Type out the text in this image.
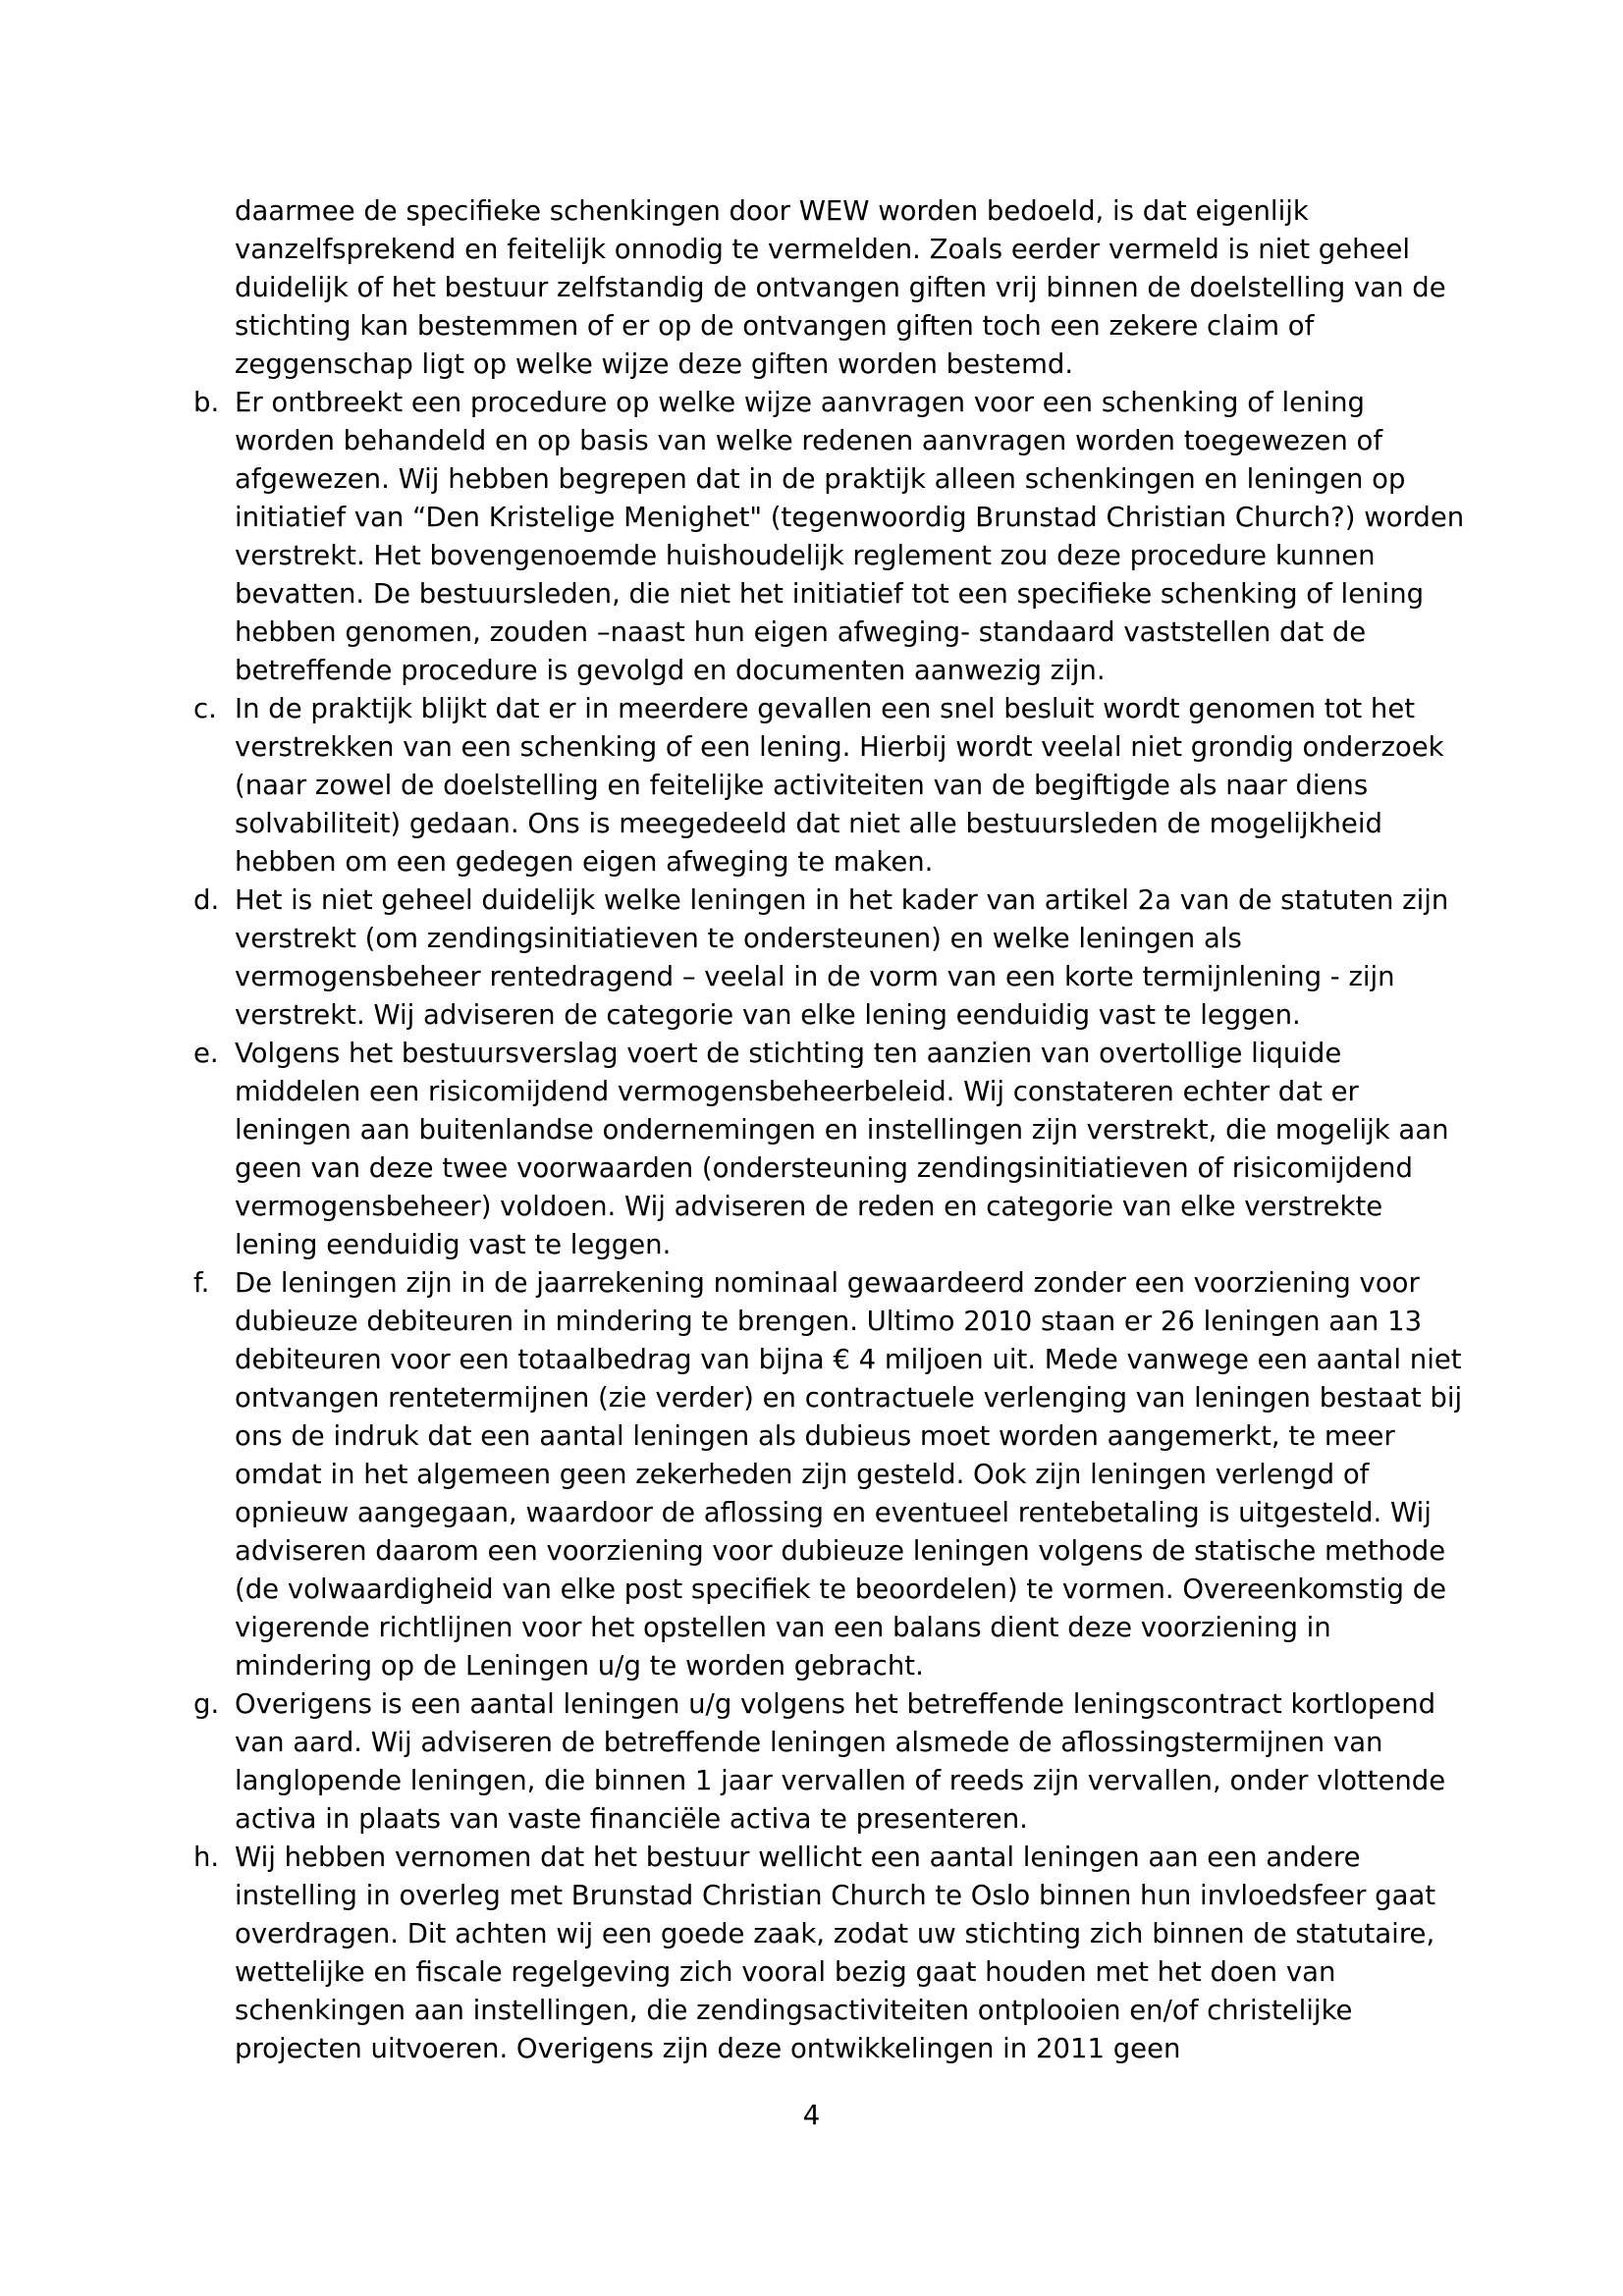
daarmee de specifieke schenkingen door WEW worden bedoeld, is dat eigenlijk vanzelfsprekend en feitelijk onnodig te vermelden. Zoals eerder vermeld is niet geheel duidelijk of het bestuur zelfstandig de ontvangen giften vrij binnen de doelstelling van de stichting kan bestemmen of er op de ontvangen giften toch een zekere claim of zeggenschap ligt op welke wijze deze giften worden bestemd.

b. Er ontbreekt een procedure op welke wijze aanvragen voor een schenking of lening worden behandeld en op basis van welke redenen aanvragen worden toegewezen of afgewezen. Wij hebben begrepen dat in de praktijk alleen schenkingen en leningen op initiatief van “Den Kristelige Menighet" (tegenwoordig Brunstad Christian Church?) worden verstrekt. Het bovengenoemde huishoudelijk reglement zou deze procedure kunnen bevatten. De bestuursleden, die niet het initiatief tot een specifieke schenking of lening hebben genomen, zouden –naast hun eigen afweging- standaard vaststellen dat de betreffende procedure is gevolgd en documenten aanwezig zijn.
c. In de praktijk blijkt dat er in meerdere gevallen een snel besluit wordt genomen tot het verstrekken van een schenking of een lening. Hierbij wordt veelal niet grondig onderzoek (naar zowel de doelstelling en feitelijke activiteiten van de begiftigde als naar diens solvabiliteit) gedaan. Ons is meegedeeld dat niet alle bestuursleden de mogelijkheid hebben om een gedegen eigen afweging te maken.
d. Het is niet geheel duidelijk welke leningen in het kader van artikel 2a van de statuten zijn verstrekt (om zendingsinitiatieven te ondersteunen) en welke leningen als vermogensbeheer rentedragend – veelal in de vorm van een korte termijnlening - zijn verstrekt. Wij adviseren de categorie van elke lening eenduidig vast te leggen.
e. Volgens het bestuursverslag voert de stichting ten aanzien van overtollige liquide middelen een risicomijdend vermogensbeheerbeleid. Wij constateren echter dat er leningen aan buitenlandse ondernemingen en instellingen zijn verstrekt, die mogelijk aan geen van deze twee voorwaarden (ondersteuning zendingsinitiatieven of risicomijdend vermogensbeheer) voldoen. Wij adviseren de reden en categorie van elke verstrekte lening eenduidig vast te leggen.
f. De leningen zijn in de jaarrekening nominaal gewaardeerd zonder een voorziening voor dubieuze debiteuren in mindering te brengen. Ultimo 2010 staan er 26 leningen aan 13 debiteuren voor een totaalbedrag van bijna € 4 miljoen uit. Mede vanwege een aantal niet ontvangen rentetermijnen (zie verder) en contractuele verlenging van leningen bestaat bij ons de indruk dat een aantal leningen als dubieus moet worden aangemerkt, te meer omdat in het algemeen geen zekerheden zijn gesteld. Ook zijn leningen verlengd of opnieuw aangegaan, waardoor de aflossing en eventueel rentebetaling is uitgesteld. Wij adviseren daarom een voorziening voor dubieuze leningen volgens de statische methode (de volwaardigheid van elke post specifiek te beoordelen) te vormen. Overeenkomstig de vigerende richtlijnen voor het opstellen van een balans dient deze voorziening in mindering op de Leningen u/g te worden gebracht.
g. Overigens is een aantal leningen u/g volgens het betreffende leningscontract kortlopend van aard. Wij adviseren de betreffende leningen alsmede de aflossingstermijnen van langlopende leningen, die binnen 1 jaar vervallen of reeds zijn vervallen, onder vlottende activa in plaats van vaste financiële activa te presenteren.
h. Wij hebben vernomen dat het bestuur wellicht een aantal leningen aan een andere instelling in overleg met Brunstad Christian Church te Oslo binnen hun invloedsfeer gaat overdragen. Dit achten wij een goede zaak, zodat uw stichting zich binnen de statutaire, wettelijke en fiscale regelgeving zich vooral bezig gaat houden met het doen van schenkingen aan instellingen, die zendingsactiviteiten ontplooien en/of christelijke projecten uitvoeren. Overigens zijn deze ontwikkelingen in 2011 geen
4
